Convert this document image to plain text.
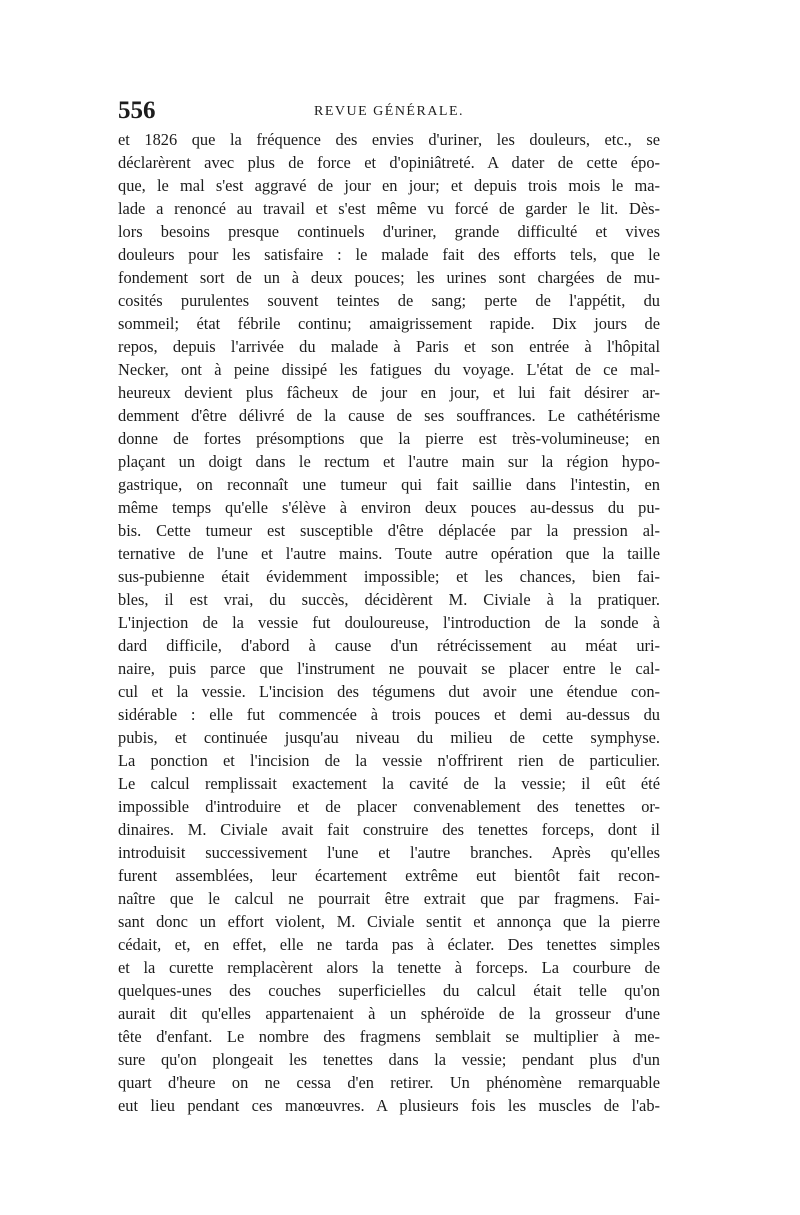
556	REVUE GÉNÉRALE.
et 1826 que la fréquence des envies d'uriner, les douleurs, etc., se
déclarèrent avec plus de force et d'opiniâtreté. A dater de cette épo-
que, le mal s'est aggravé de jour en jour; et depuis trois mois le ma-
lade a renoncé au travail et s'est même vu forcé de garder le lit. Dès-
lors besoins presque continuels d'uriner, grande difficulté et vives
douleurs pour les satisfaire : le malade fait des efforts tels, que le
fondement sort de un à deux pouces; les urines sont chargées de mu-
cosités purulentes souvent teintes de sang; perte de l'appétit, du
sommeil; état fébrile continu; amaigrissement rapide. Dix jours de
repos, depuis l'arrivée du malade à Paris et son entrée à l'hôpital
Necker, ont à peine dissipé les fatigues du voyage. L'état de ce mal-
heureux devient plus fâcheux de jour en jour, et lui fait désirer ar-
demment d'être délivré de la cause de ses souffrances. Le cathétérisme
donne de fortes présomptions que la pierre est très-volumineuse; en
plaçant un doigt dans le rectum et l'autre main sur la région hypo-
gastrique, on reconnaît une tumeur qui fait saillie dans l'intestin, en
même temps qu'elle s'élève à environ deux pouces au-dessus du pu-
bis. Cette tumeur est susceptible d'être déplacée par la pression al-
ternative de l'une et l'autre mains. Toute autre opération que la taille
sus-pubienne était évidemment impossible; et les chances, bien fai-
bles, il est vrai, du succès, décidèrent M. Civiale à la pratiquer.
L'injection de la vessie fut douloureuse, l'introduction de la sonde à
dard difficile, d'abord à cause d'un rétrécissement au méat uri-
naire, puis parce que l'instrument ne pouvait se placer entre le cal-
cul et la vessie. L'incision des tégumens dut avoir une étendue con-
sidérable : elle fut commencée à trois pouces et demi au-dessus du
pubis, et continuée jusqu'au niveau du milieu de cette symphyse.
La ponction et l'incision de la vessie n'offrirent rien de particulier.
Le calcul remplissait exactement la cavité de la vessie; il eût été
impossible d'introduire et de placer convenablement des tenettes or-
dinaires. M. Civiale avait fait construire des tenettes forceps, dont il
introduisit successivement l'une et l'autre branches. Après qu'elles
furent assemblées, leur écartement extrême eut bientôt fait recon-
naître que le calcul ne pourrait être extrait que par fragmens. Fai-
sant donc un effort violent, M. Civiale sentit et annonça que la pierre
cédait, et, en effet, elle ne tarda pas à éclater. Des tenettes simples
et la curette remplacèrent alors la tenette à forceps. La courbure de
quelques-unes des couches superficielles du calcul était telle qu'on
aurait dit qu'elles appartenaient à un sphéroïde de la grosseur d'une
tête d'enfant. Le nombre des fragmens semblait se multiplier à me-
sure qu'on plongeait les tenettes dans la vessie; pendant plus d'un
quart d'heure on ne cessa d'en retirer. Un phénomène remarquable
eut lieu pendant ces manœuvres. A plusieurs fois les muscles de l'ab-
